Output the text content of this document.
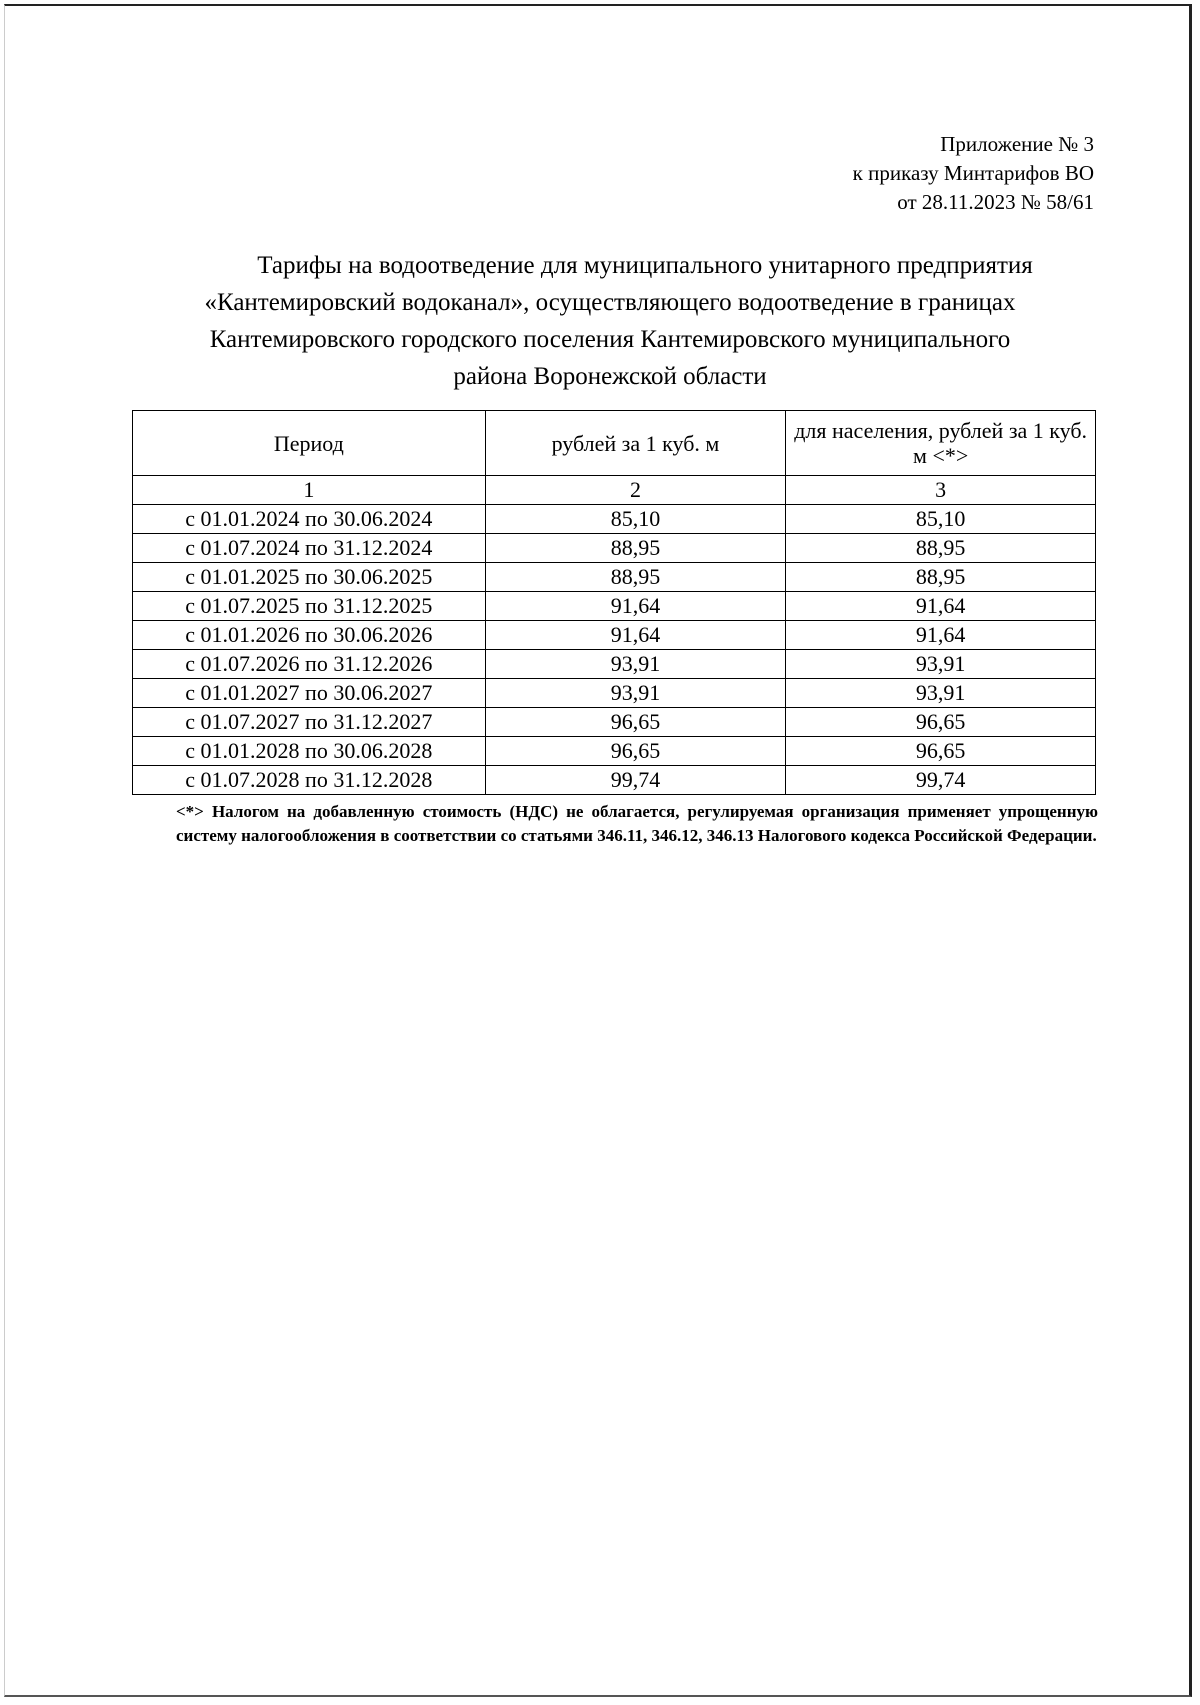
Приложение № 3
к приказу Минтарифов ВО
от 28.11.2023 № 58/61
Тарифы на водоотведение для муниципального унитарного предприятия
«Кантемировский водоканал», осуществляющего водоотведение в границах
Кантемировского городского поселения Кантемировского муниципального
района Воронежской области
Период	рублей за 1 куб. м	для населения, рублей за 1 куб. м <*>
1	2	3
с 01.01.2024 по 30.06.2024	85,10	85,10
с 01.07.2024 по 31.12.2024	88,95	88,95
с 01.01.2025 по 30.06.2025	88,95	88,95
с 01.07.2025 по 31.12.2025	91,64	91,64
с 01.01.2026 по 30.06.2026	91,64	91,64
с 01.07.2026 по 31.12.2026	93,91	93,91
с 01.01.2027 по 30.06.2027	93,91	93,91
с 01.07.2027 по 31.12.2027	96,65	96,65
с 01.01.2028 по 30.06.2028	96,65	96,65
с 01.07.2028 по 31.12.2028	99,74	99,74
<*> Налогом на добавленную стоимость (НДС) не облагается, регулируемая организация применяет упрощенную систему налогообложения в соответствии со статьями 346.11, 346.12, 346.13 Налогового кодекса Российской Федерации.
